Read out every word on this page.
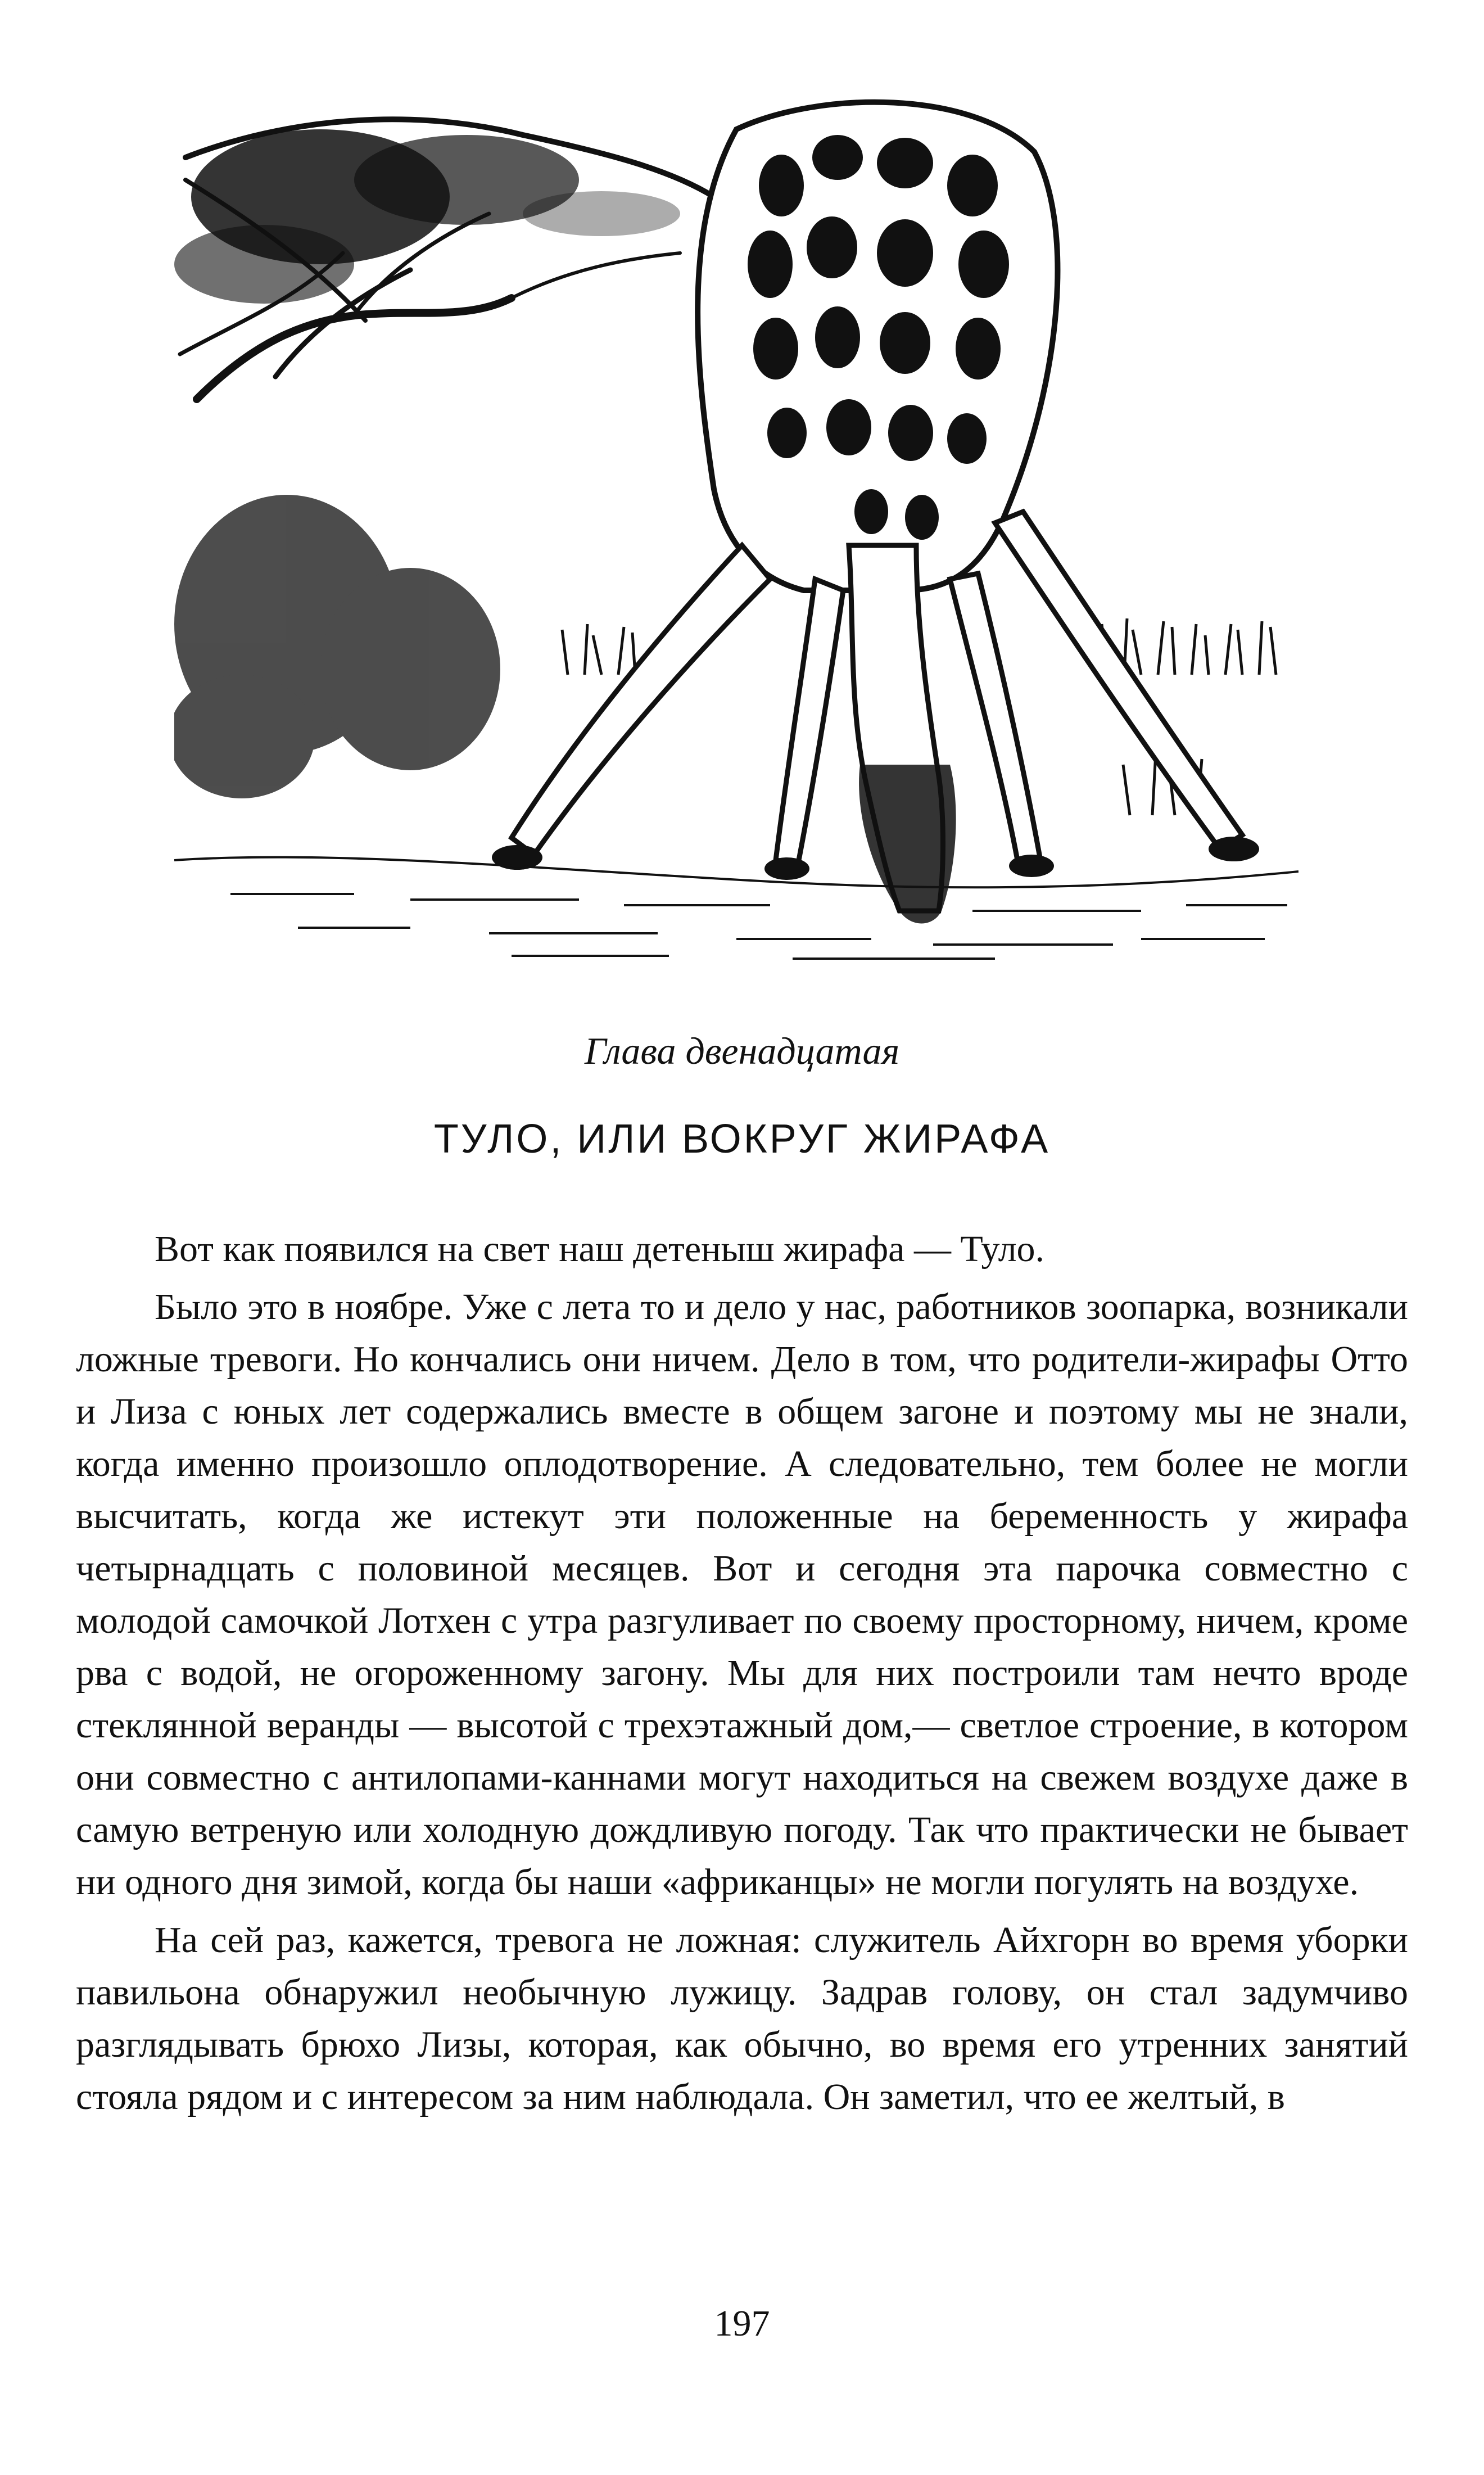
Глава двенадцатая
ТУЛО, ИЛИ ВОКРУГ ЖИРАФА

Вот как появился на свет наш детеныш жирафа — Туло.

Было это в ноябре. Уже с лета то и дело у нас, работников зоопарка, возникали ложные тревоги. Но кончались они ничем. Дело в том, что родители-жирафы Отто и Лиза с юных лет содержались вместе в общем загоне и поэтому мы не знали, когда именно произошло оплодотворение. А следовательно, тем более не могли высчитать, когда же истекут эти положенные на беременность у жирафа четырнадцать с половиной месяцев. Вот и сегодня эта парочка совместно с молодой самочкой Лотхен с утра разгуливает по своему просторному, ничем, кроме рва с водой, не огороженному загону. Мы для них построили там нечто вроде стеклянной веранды — высотой с трехэтажный дом,— светлое строение, в котором они совместно с антилопами-каннами могут находиться на свежем воздухе даже в самую ветреную или холодную дождливую погоду. Так что практически не бывает ни одного дня зимой, когда бы наши «африканцы» не могли погулять на воздухе.

На сей раз, кажется, тревога не ложная: служитель Айхгорн во время уборки павильона обнаружил необычную лужицу. Задрав голову, он стал задумчиво разглядывать брюхо Лизы, которая, как обычно, во время его утренних занятий стояла рядом и с интересом за ним наблюдала. Он заметил, что ее желтый, в

197
